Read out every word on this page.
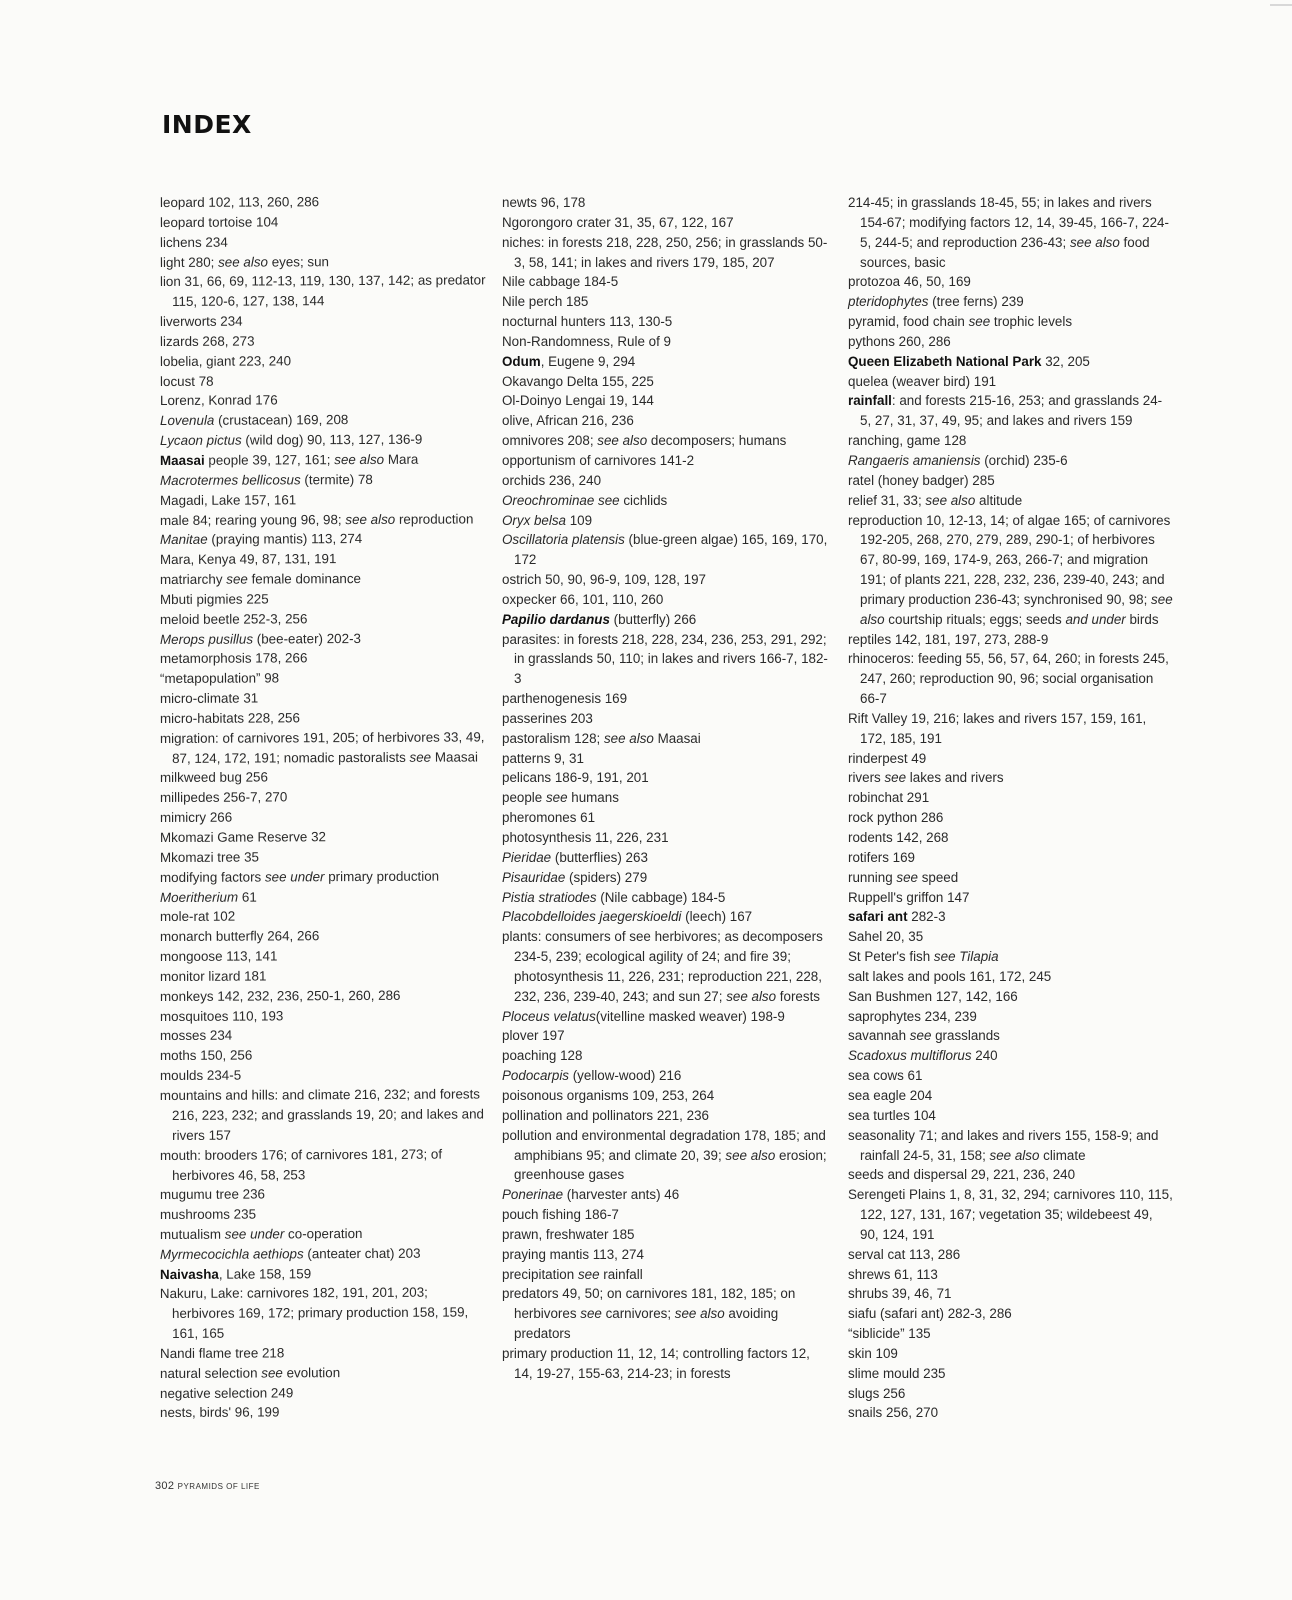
INDEX
leopard 102, 113, 260, 286
leopard tortoise 104
lichens 234
light 280; see also eyes; sun
lion 31, 66, 69, 112-13, 119, 130, 137, 142; as predator 115, 120-6, 127, 138, 144
liverworts 234
lizards 268, 273
lobelia, giant 223, 240
locust 78
Lorenz, Konrad 176
Lovenula (crustacean) 169, 208
Lycaon pictus (wild dog) 90, 113, 127, 136-9
Maasai people 39, 127, 161; see also Mara
Macrotermes bellicosus (termite) 78
Magadi, Lake 157, 161
male 84; rearing young 96, 98; see also reproduction
Manitae (praying mantis) 113, 274
Mara, Kenya 49, 87, 131, 191
matriarchy see female dominance
Mbuti pigmies 225
meloid beetle 252-3, 256
Merops pusillus (bee-eater) 202-3
metamorphosis 178, 266
“metapopulation” 98
micro-climate 31
micro-habitats 228, 256
migration: of carnivores 191, 205; of herbivores 33, 49, 87, 124, 172, 191; nomadic pastoralists see Maasai
milkweed bug 256
millipedes 256-7, 270
mimicry 266
Mkomazi Game Reserve 32
Mkomazi tree 35
modifying factors see under primary production
Moeritherium 61
mole-rat 102
monarch butterfly 264, 266
mongoose 113, 141
monitor lizard 181
monkeys 142, 232, 236, 250-1, 260, 286
mosquitoes 110, 193
mosses 234
moths 150, 256
moulds 234-5
mountains and hills: and climate 216, 232; and forests 216, 223, 232; and grasslands 19, 20; and lakes and rivers 157
mouth: brooders 176; of carnivores 181, 273; of herbivores 46, 58, 253
mugumu tree 236
mushrooms 235
mutualism see under co-operation
Myrmecocichla aethiops (anteater chat) 203
Naivasha, Lake 158, 159
Nakuru, Lake: carnivores 182, 191, 201, 203; herbivores 169, 172; primary production 158, 159, 161, 165
Nandi flame tree 218
natural selection see evolution
negative selection 249
nests, birds' 96, 199
newts 96, 178
Ngorongoro crater 31, 35, 67, 122, 167
niches: in forests 218, 228, 250, 256; in grasslands 50-3, 58, 141; in lakes and rivers 179, 185, 207
Nile cabbage 184-5
Nile perch 185
nocturnal hunters 113, 130-5
Non-Randomness, Rule of 9
Odum, Eugene 9, 294
Okavango Delta 155, 225
Ol-Doinyo Lengai 19, 144
olive, African 216, 236
omnivores 208; see also decomposers; humans
opportunism of carnivores 141-2
orchids 236, 240
Oreochrominae see cichlids
Oryx belsa 109
Oscillatoria platensis (blue-green algae) 165, 169, 170, 172
ostrich 50, 90, 96-9, 109, 128, 197
oxpecker 66, 101, 110, 260
Papilio dardanus (butterfly) 266
parasites: in forests 218, 228, 234, 236, 253, 291, 292; in grasslands 50, 110; in lakes and rivers 166-7, 182-3
parthenogenesis 169
passerines 203
pastoralism 128; see also Maasai
patterns 9, 31
pelicans 186-9, 191, 201
people see humans
pheromones 61
photosynthesis 11, 226, 231
Pieridae (butterflies) 263
Pisauridae (spiders) 279
Pistia stratiodes (Nile cabbage) 184-5
Placobdelloides jaegerskioeldi (leech) 167
plants: consumers of see herbivores; as decomposers 234-5, 239; ecological agility of 24; and fire 39; photosynthesis 11, 226, 231; reproduction 221, 228, 232, 236, 239-40, 243; and sun 27; see also forests
Ploceus velatus(vitelline masked weaver) 198-9
plover 197
poaching 128
Podocarpis (yellow-wood) 216
poisonous organisms 109, 253, 264
pollination and pollinators 221, 236
pollution and environmental degradation 178, 185; and amphibians 95; and climate 20, 39; see also erosion; greenhouse gases
Ponerinae (harvester ants) 46
pouch fishing 186-7
prawn, freshwater 185
praying mantis 113, 274
precipitation see rainfall
predators 49, 50; on carnivores 181, 182, 185; on herbivores see carnivores; see also avoiding predators
primary production 11, 12, 14; controlling factors 12, 14, 19-27, 155-63, 214-23; in forests
214-45; in grasslands 18-45, 55; in lakes and rivers 154-67; modifying factors 12, 14, 39-45, 166-7, 224-5, 244-5; and reproduction 236-43; see also food sources, basic
protozoa 46, 50, 169
pteridophytes (tree ferns) 239
pyramid, food chain see trophic levels
pythons 260, 286
Queen Elizabeth National Park 32, 205
quelea (weaver bird) 191
rainfall: and forests 215-16, 253; and grasslands 24-5, 27, 31, 37, 49, 95; and lakes and rivers 159
ranching, game 128
Rangaeris amaniensis (orchid) 235-6
ratel (honey badger) 285
relief 31, 33; see also altitude
reproduction 10, 12-13, 14; of algae 165; of carnivores 192-205, 268, 270, 279, 289, 290-1; of herbivores 67, 80-99, 169, 174-9, 263, 266-7; and migration 191; of plants 221, 228, 232, 236, 239-40, 243; and primary production 236-43; synchronised 90, 98; see also courtship rituals; eggs; seeds and under birds
reptiles 142, 181, 197, 273, 288-9
rhinoceros: feeding 55, 56, 57, 64, 260; in forests 245, 247, 260; reproduction 90, 96; social organisation 66-7
Rift Valley 19, 216; lakes and rivers 157, 159, 161, 172, 185, 191
rinderpest 49
rivers see lakes and rivers
robinchat 291
rock python 286
rodents 142, 268
rotifers 169
running see speed
Ruppell's griffon 147
safari ant 282-3
Sahel 20, 35
St Peter's fish see Tilapia
salt lakes and pools 161, 172, 245
San Bushmen 127, 142, 166
saprophytes 234, 239
savannah see grasslands
Scadoxus multiflorus 240
sea cows 61
sea eagle 204
sea turtles 104
seasonality 71; and lakes and rivers 155, 158-9; and rainfall 24-5, 31, 158; see also climate
seeds and dispersal 29, 221, 236, 240
Serengeti Plains 1, 8, 31, 32, 294; carnivores 110, 115, 122, 127, 131, 167; vegetation 35; wildebeest 49, 90, 124, 191
serval cat 113, 286
shrews 61, 113
shrubs 39, 46, 71
siafu (safari ant) 282-3, 286
“siblicide” 135
skin 109
slime mould 235
slugs 256
snails 256, 270
302 PYRAMIDS OF LIFE
